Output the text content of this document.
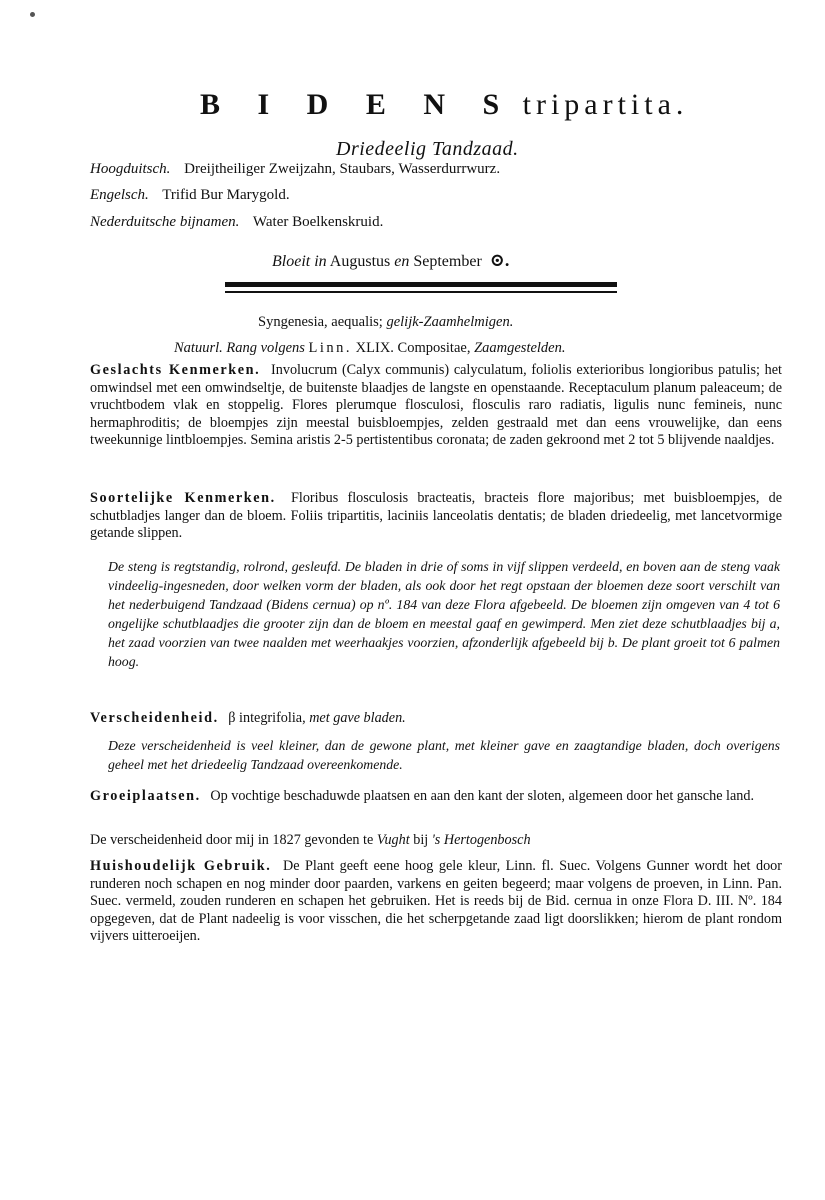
B I D E N S tripartita.
Driedeelig Tandzaad.
Hoogduitsch. Dreijtheiliger Zweijzahn, Staubars, Wasserdurrwurz.
Engelsch. Trifid Bur Marygold.
Nederduitsche bijnamen. Water Boelkenskruid.
Bloeit in Augustus en September ⊙.
Syngenesia, aequalis; gelijk-Zaamhelmigen.
Natuurl. Rang volgens Linn. XLIX. Compositae, Zaamgestelden.
Geslachts Kenmerken. Involucrum (Calyx communis) calyculatum, foliolis exterioribus longioribus patulis; het omwindsel met een omwindseltje, de buitenste blaadjes de langste en openstaande. Receptaculum planum paleaceum; de vruchtbodem vlak en stoppelig. Flores plerumque flosculosi, flosculis raro radiatis, ligulis nunc femineis, nunc hermaphroditis; de bloempjes zijn meestal buisbloempjes, zelden gestraald met dan eens vrouwelijke, dan eens tweekunnige lintbloempjes. Semina aristis 2-5 pertistentibus coronata; de zaden gekroond met 2 tot 5 blijvende naaldjes.
Soortelijke Kenmerken. Floribus flosculosis bracteatis, bracteis flore majoribus; met buisbloempjes, de schutbladjes langer dan de bloem. Foliis tripartitis, laciniis lanceolatis dentatis; de bladen driedeelig, met lancetvormige getande slippen.
De steng is regtstandig, rolrond, gesleufd. De bladen in drie of soms in vijf slippen verdeeld, en boven aan de steng vaak vindeelig-ingesneden, door welken vorm der bladen, als ook door het regt opstaan der bloemen deze soort verschilt van het nederbuigend Tandzaad (Bidens cernua) op nº. 184 van deze Flora afgebeeld. De bloemen zijn omgeven van 4 tot 6 ongelijke schutblaadjes die grooter zijn dan de bloem en meestal gaaf en gewimperd. Men ziet deze schutblaadjes bij a, het zaad voorzien van twee naalden met weerhaakjes voorzien, afzonderlijk afgebeeld bij b. De plant groeit tot 6 palmen hoog.
Verscheidenheid. β integrifolia, met gave bladen.
Deze verscheidenheid is veel kleiner, dan de gewone plant, met kleiner gave en zaagtandige bladen, doch overigens geheel met het driedeelig Tandzaad overeenkomende.
Groeiplaatsen. Op vochtige beschaduwde plaatsen en aan den kant der sloten, algemeen door het gansche land.
De verscheidenheid door mij in 1827 gevonden te Vught bij 's Hertogenbosch
Huishoudelijk Gebruik. De Plant geeft eene hoog gele kleur, Linn. fl. Suec. Volgens Gunner wordt het door runderen noch schapen en nog minder door paarden, varkens en geiten begeerd; maar volgens de proeven, in Linn. Pan. Suec. vermeld, zouden runderen en schapen het gebruiken. Het is reeds bij de Bid. cernua in onze Flora D. III. Nº. 184 opgegeven, dat de Plant nadeelig is voor visschen, die het scherpgetande zaad ligt doorslikken; hierom de plant rondom vijvers uitteroeijen.
